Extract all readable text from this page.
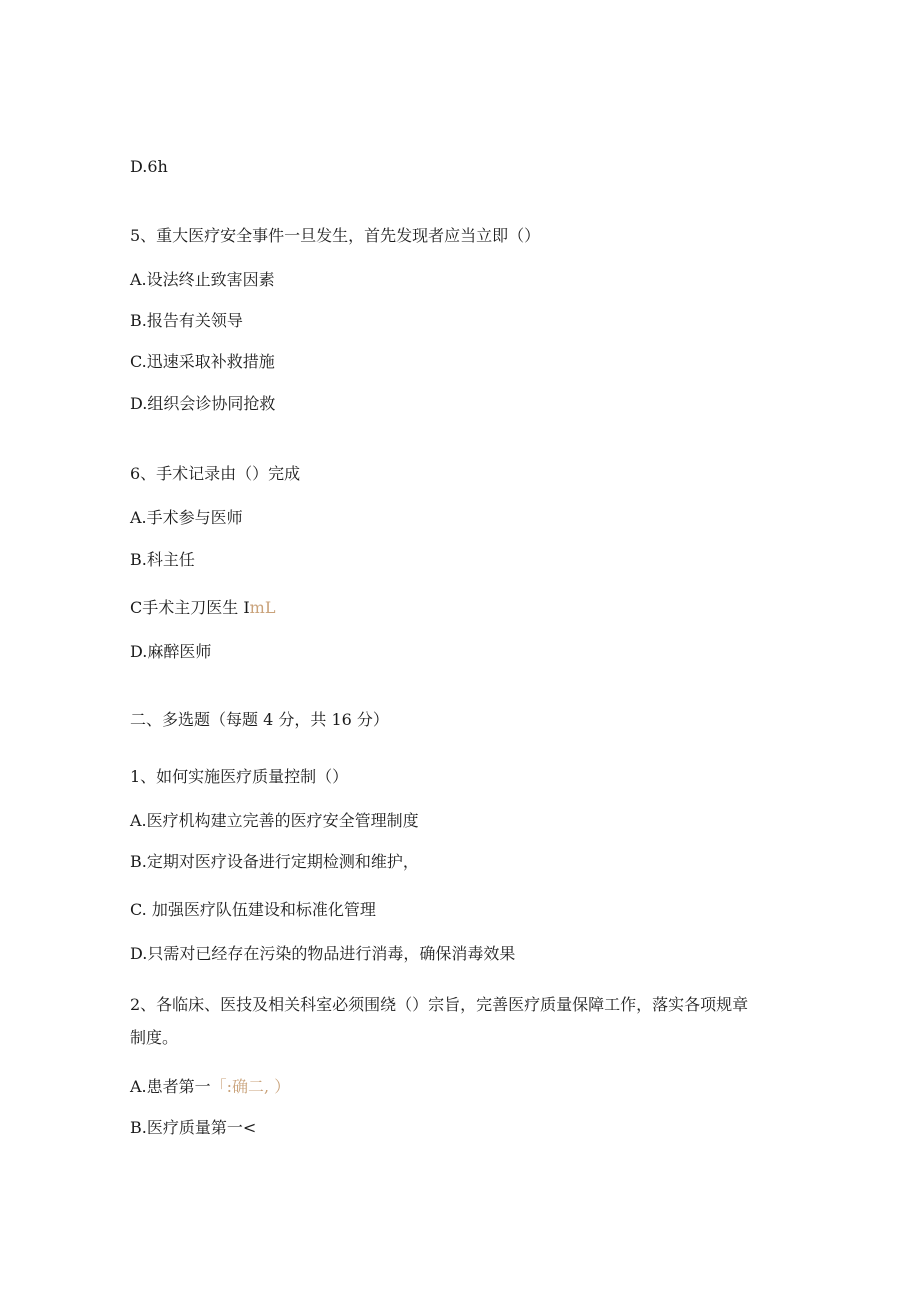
D.6h
5、重大医疗安全事件一旦发生，首先发现者应当立即（）
A.设法终止致害因素
B.报告有关领导
C.迅速采取补救措施
D.组织会诊协同抢救
6、手术记录由（）完成
A.手术参与医师
B.科主任
C手术主刀医生 ImL
D.麻醉医师
二、多选题（每题 4 分，共 16 分）
1、如何实施医疗质量控制（）
A.医疗机构建立完善的医疗安全管理制度
B.定期对医疗设备进行定期检测和维护，
C. 加强医疗队伍建设和标准化管理
D.只需对已经存在污染的物品进行消毒，确保消毒效果
2、各临床、医技及相关科室必须围绕（）宗旨，完善医疗质量保障工作，落实各项规章
制度。
A.患者第一「:确二, ）
B.医疗质量第一<
